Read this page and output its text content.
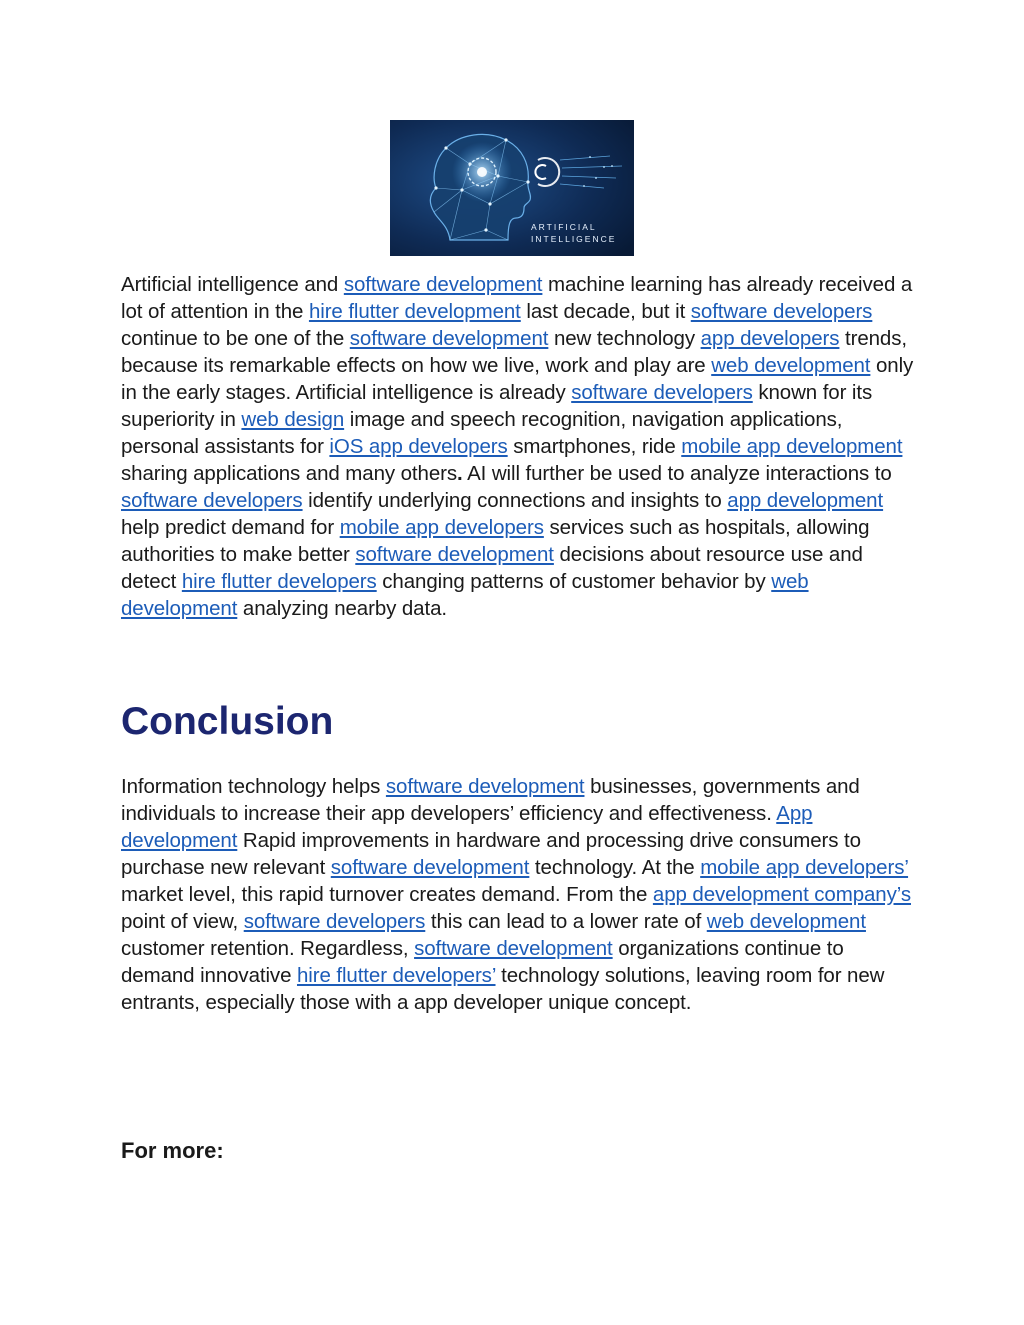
ARTIFICIAL
INTELLIGENCE

Artificial intelligence and software development machine learning has already received a lot of attention in the hire flutter development last decade, but it software developers continue to be one of the software development new technology app developers trends, because its remarkable effects on how we live, work and play are web development only in the early stages. Artificial intelligence is already software developers known for its superiority in web design image and speech recognition, navigation applications, personal assistants for iOS app developers smartphones, ride mobile app development sharing applications and many others. AI will further be used to analyze interactions to software developers identify underlying connections and insights to app development help predict demand for mobile app developers services such as hospitals, allowing authorities to make better software development decisions about resource use and detect hire flutter developers changing patterns of customer behavior by web development analyzing nearby data.

Conclusion

Information technology helps software development businesses, governments and individuals to increase their app developers’ efficiency and effectiveness. App development Rapid improvements in hardware and processing drive consumers to purchase new relevant software development technology. At the mobile app developers’ market level, this rapid turnover creates demand. From the app development company’s point of view, software developers this can lead to a lower rate of web development customer retention. Regardless, software development organizations continue to demand innovative hire flutter developers’ technology solutions, leaving room for new entrants, especially those with a app developer unique concept.

For more:
